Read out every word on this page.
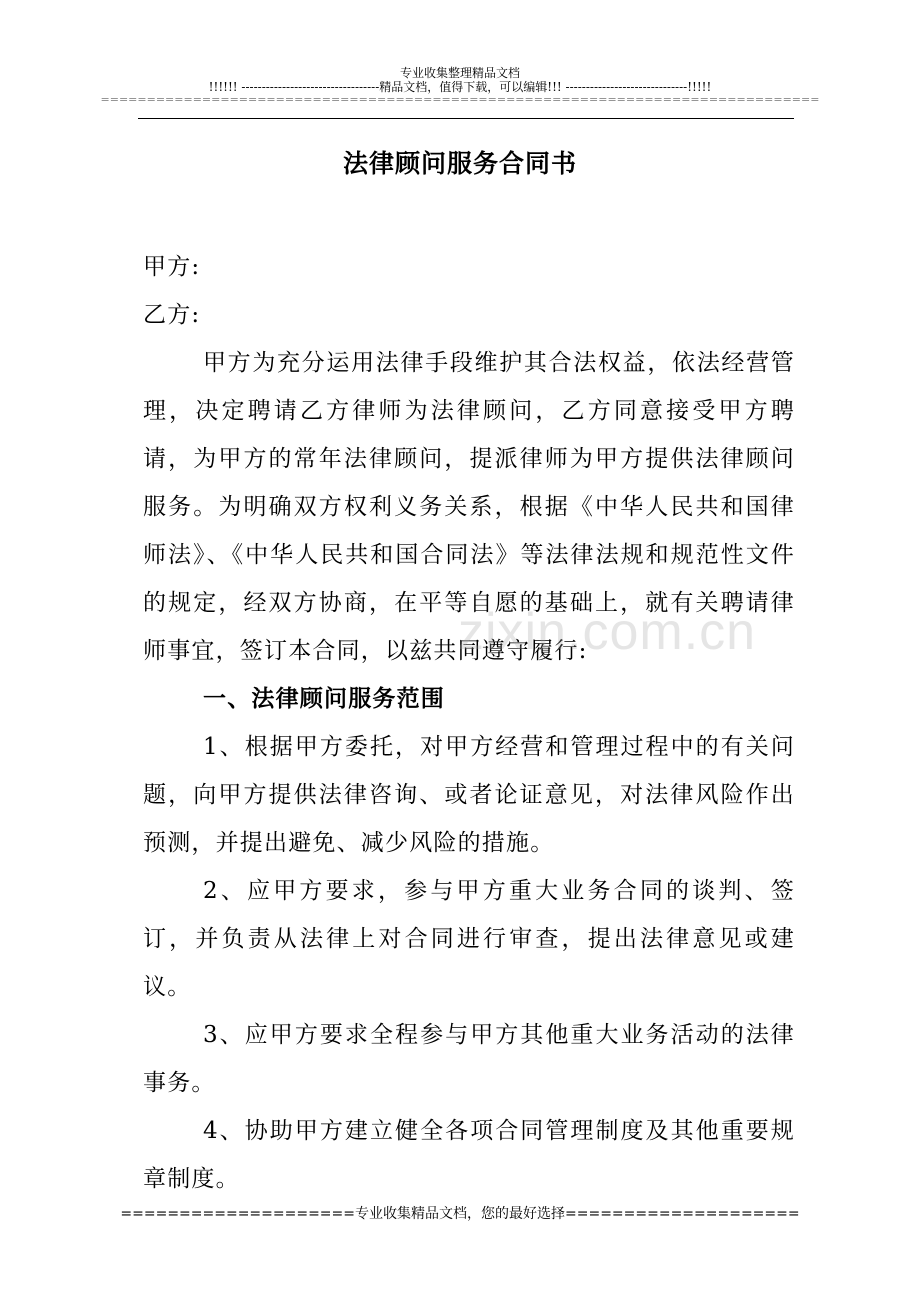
专业收集整理精品文档
!!!!!! ----------------------------------精品文档，值得下载，可以编辑!!! ------------------------------!!!!!
==============================================================================
法律顾问服务合同书

甲方:

乙方:

甲方为充分运用法律手段维护其合法权益，依法经营管理，决定聘请乙方律师为法律顾问，乙方同意接受甲方聘请，为甲方的常年法律顾问，提派律师为甲方提供法律顾问服务。为明确双方权利义务关系，根据《中华人民共和国律师法》、《中华人民共和国合同法》等法律法规和规范性文件的规定，经双方协商，在平等自愿的基础上，就有关聘请律师事宜，签订本合同，以兹共同遵守履行:

一、法律顾问服务范围

1、根据甲方委托，对甲方经营和管理过程中的有关问题，向甲方提供法律咨询、或者论证意见，对法律风险作出预测，并提出避免、减少风险的措施。

2、应甲方要求，参与甲方重大业务合同的谈判、签订，并负责从法律上对合同进行审查，提出法律意见或建议。

3、应甲方要求全程参与甲方其他重大业务活动的法律事务。

4、协助甲方建立健全各项合同管理制度及其他重要规章制度。

zixin.com.cn
====================专业收集精品文档，您的最好选择====================
